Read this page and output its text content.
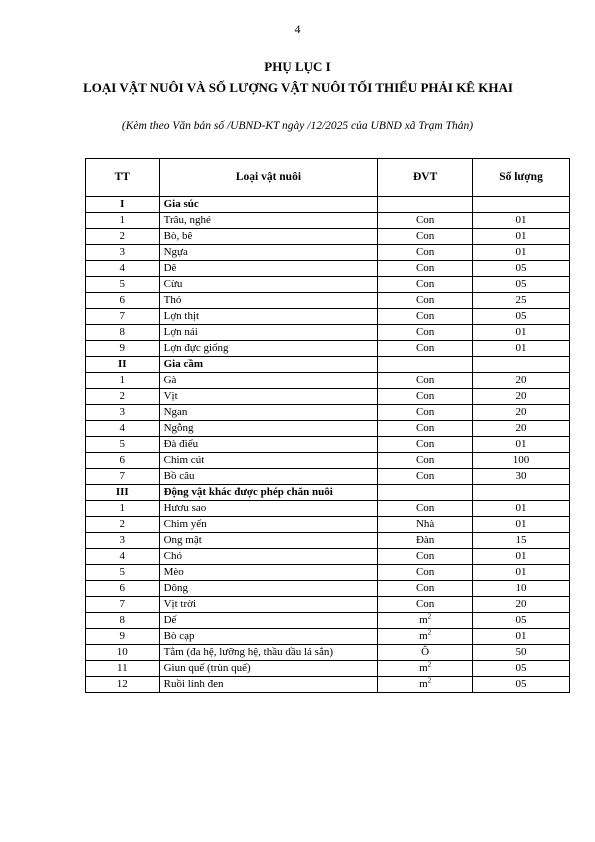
4
PHỤ LỤC I
LOẠI VẬT NUÔI VÀ SỐ LƯỢNG VẬT NUÔI TỐI THIỂU PHẢI KÊ KHAI
(Kèm theo Văn bản số /UBND-KT ngày /12/2025 của UBND xã Trạm Thản)
TT	Loại vật nuôi	ĐVT	Số lượng
I	Gia súc		
1	Trâu, nghé	Con	01
2	Bò, bê	Con	01
3	Ngựa	Con	01
4	Dê	Con	05
5	Cừu	Con	05
6	Thỏ	Con	25
7	Lợn thịt	Con	05
8	Lợn nái	Con	01
9	Lợn đực giống	Con	01
II	Gia cầm		
1	Gà	Con	20
2	Vịt	Con	20
3	Ngan	Con	20
4	Ngỗng	Con	20
5	Đà điểu	Con	01
6	Chim cút	Con	100
7	Bồ câu	Con	30
III	Động vật khác được phép chăn nuôi		
1	Hươu sao	Con	01
2	Chim yến	Nhà	01
3	Ong mật	Đàn	15
4	Chó	Con	01
5	Mèo	Con	01
6	Dông	Con	10
7	Vịt trời	Con	20
8	Dế	$m^2$	05
9	Bò cạp	$m^2$	01
10	Tằm (đa hệ, lưỡng hệ, thầu dầu lá sắn)	Ô	50
11	Giun quế (trùn quế)	$m^2$	05
12	Ruồi lính đen	$m^2$	05
